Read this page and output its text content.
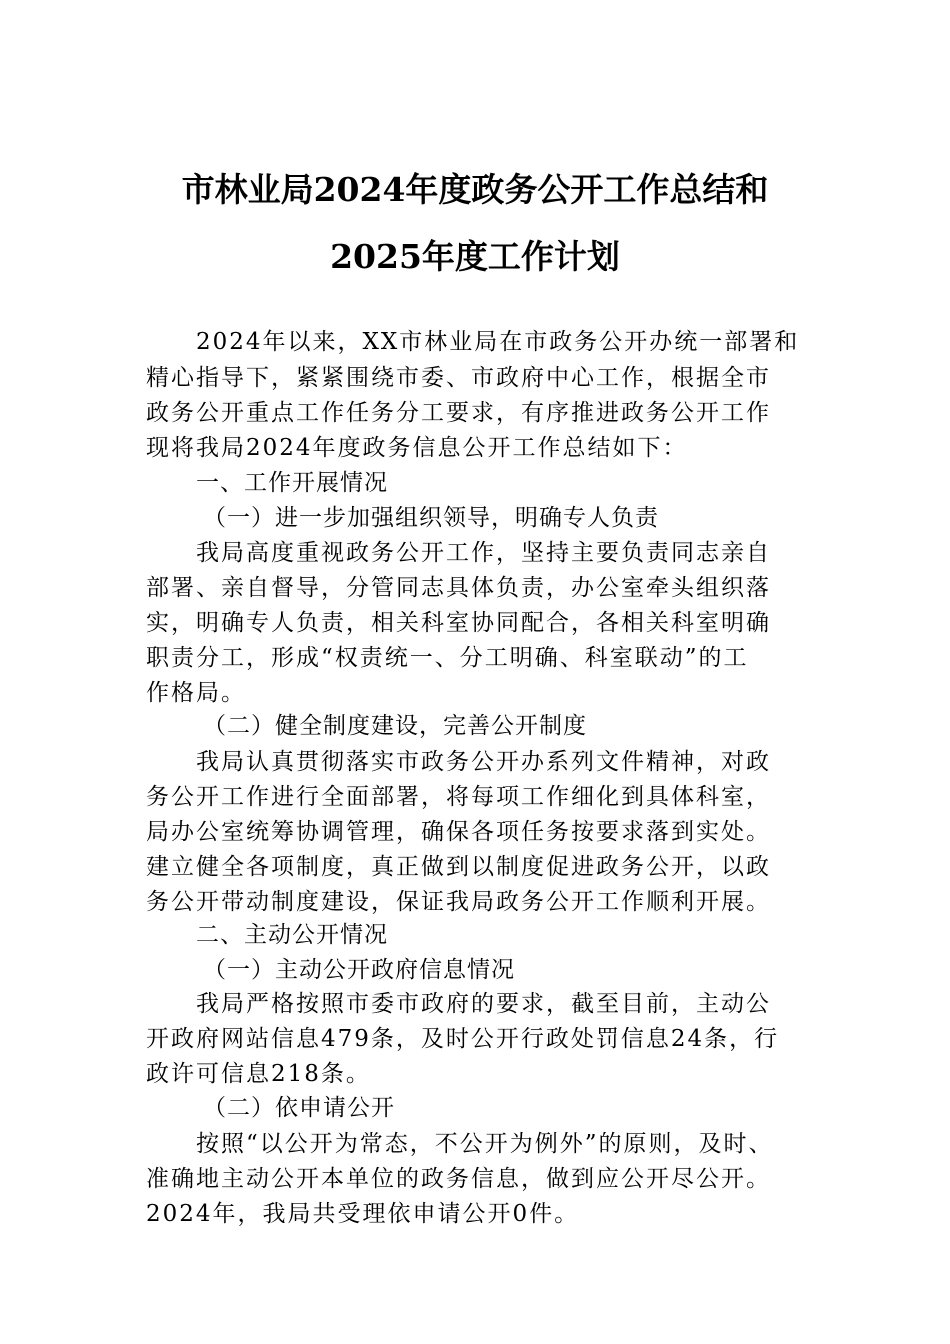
市林业局2024年度政务公开工作总结和
2025年度工作计划
2024年以来，XX市林业局在市政务公开办统一部署和
精心指导下，紧紧围绕市委、市政府中心工作，根据全市
政务公开重点工作任务分工要求，有序推进政务公开工作
现将我局2024年度政务信息公开工作总结如下：
一、工作开展情况
（一）进一步加强组织领导，明确专人负责
我局高度重视政务公开工作，坚持主要负责同志亲自
部署、亲自督导，分管同志具体负责，办公室牵头组织落
实，明确专人负责，相关科室协同配合，各相关科室明确
职责分工，形成“权责统一、分工明确、科室联动”的工
作格局。
（二）健全制度建设，完善公开制度
我局认真贯彻落实市政务公开办系列文件精神，对政
务公开工作进行全面部署，将每项工作细化到具体科室，
局办公室统筹协调管理，确保各项任务按要求落到实处。
建立健全各项制度，真正做到以制度促进政务公开，以政
务公开带动制度建设，保证我局政务公开工作顺利开展。
二、主动公开情况
（一）主动公开政府信息情况
我局严格按照市委市政府的要求，截至目前，主动公
开政府网站信息479条，及时公开行政处罚信息24条，行
政许可信息218条。
（二）依申请公开
按照“以公开为常态，不公开为例外”的原则，及时、
准确地主动公开本单位的政务信息，做到应公开尽公开。
2024年，我局共受理依申请公开0件。
